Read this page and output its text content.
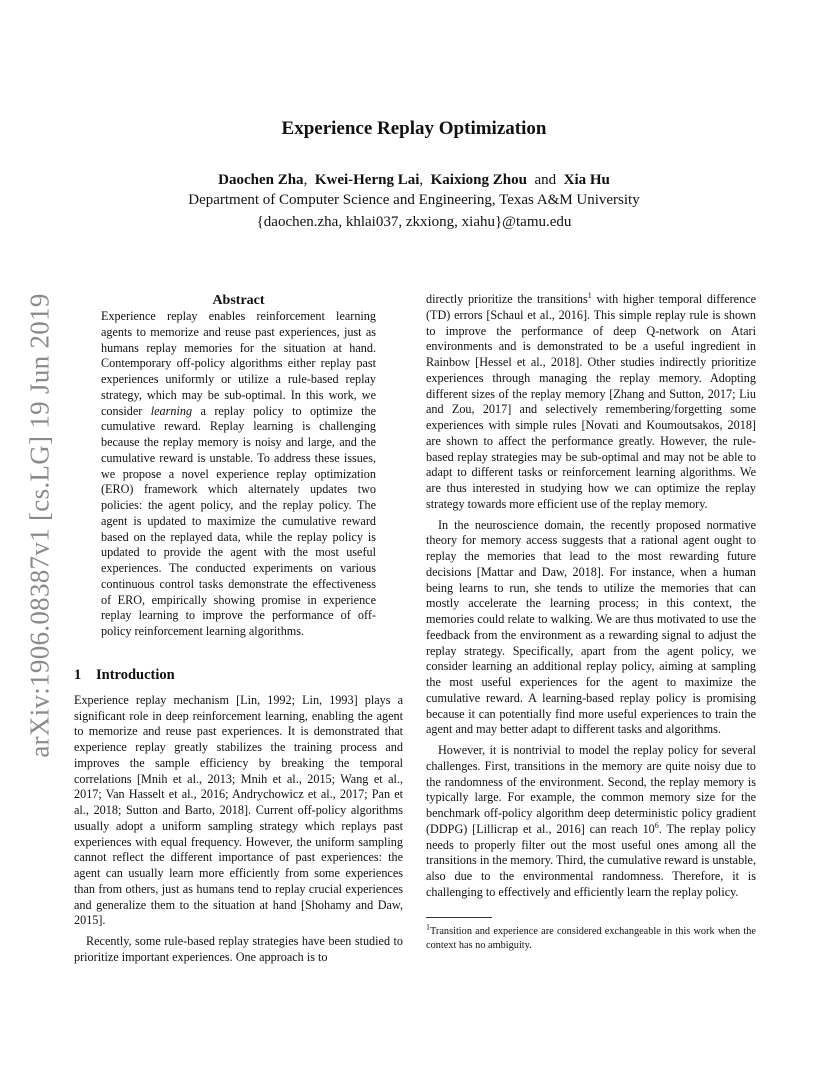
arXiv:1906.08387v1 [cs.LG] 19 Jun 2019
Experience Replay Optimization
Daochen Zha, Kwei-Herng Lai, Kaixiong Zhou and Xia Hu
Department of Computer Science and Engineering, Texas A&M University
{daochen.zha, khlai037, zkxiong, xiahu}@tamu.edu

Abstract

Experience replay enables reinforcement learning agents to memorize and reuse past experiences, just as humans replay memories for the situation at hand. Contemporary off-policy algorithms either replay past experiences uniformly or utilize a rule-based replay strategy, which may be sub-optimal. In this work, we consider learning a replay policy to optimize the cumulative reward. Replay learning is challenging because the replay memory is noisy and large, and the cumulative reward is unstable. To address these issues, we propose a novel experience replay optimization (ERO) framework which alternately updates two policies: the agent policy, and the replay policy. The agent is updated to maximize the cumulative reward based on the replayed data, while the replay policy is updated to provide the agent with the most useful experiences. The conducted experiments on various continuous control tasks demonstrate the effectiveness of ERO, empirically showing promise in experience replay learning to improve the performance of off-policy reinforcement learning algorithms.

1 Introduction

Experience replay mechanism [Lin, 1992; Lin, 1993] plays a significant role in deep reinforcement learning, enabling the agent to memorize and reuse past experiences. It is demonstrated that experience replay greatly stabilizes the training process and improves the sample efficiency by breaking the temporal correlations [Mnih et al., 2013; Mnih et al., 2015; Wang et al., 2017; Van Hasselt et al., 2016; Andrychowicz et al., 2017; Pan et al., 2018; Sutton and Barto, 2018]. Current off-policy algorithms usually adopt a uniform sampling strategy which replays past experiences with equal frequency. However, the uniform sampling cannot reflect the different importance of past experiences: the agent can usually learn more efficiently from some experiences than from others, just as humans tend to replay crucial experiences and generalize them to the situation at hand [Shohamy and Daw, 2015].

Recently, some rule-based replay strategies have been studied to prioritize important experiences. One approach is to

directly prioritize the transitions$^1$ with higher temporal difference (TD) errors [Schaul et al., 2016]. This simple replay rule is shown to improve the performance of deep Q-network on Atari environments and is demonstrated to be a useful ingredient in Rainbow [Hessel et al., 2018]. Other studies indirectly prioritize experiences through managing the replay memory. Adopting different sizes of the replay memory [Zhang and Sutton, 2017; Liu and Zou, 2017] and selectively remembering/forgetting some experiences with simple rules [Novati and Koumoutsakos, 2018] are shown to affect the performance greatly. However, the rule-based replay strategies may be sub-optimal and may not be able to adapt to different tasks or reinforcement learning algorithms. We are thus interested in studying how we can optimize the replay strategy towards more efficient use of the replay memory.

In the neuroscience domain, the recently proposed normative theory for memory access suggests that a rational agent ought to replay the memories that lead to the most rewarding future decisions [Mattar and Daw, 2018]. For instance, when a human being learns to run, she tends to utilize the memories that can mostly accelerate the learning process; in this context, the memories could relate to walking. We are thus motivated to use the feedback from the environment as a rewarding signal to adjust the replay strategy. Specifically, apart from the agent policy, we consider learning an additional replay policy, aiming at sampling the most useful experiences for the agent to maximize the cumulative reward. A learning-based replay policy is promising because it can potentially find more useful experiences to train the agent and may better adapt to different tasks and algorithms.

However, it is nontrivial to model the replay policy for several challenges. First, transitions in the memory are quite noisy due to the randomness of the environment. Second, the replay memory is typically large. For example, the common memory size for the benchmark off-policy algorithm deep deterministic policy gradient (DDPG) [Lillicrap et al., 2016] can reach $10^6$. The replay policy needs to properly filter out the most useful ones among all the transitions in the memory. Third, the cumulative reward is unstable, also due to the environmental randomness. Therefore, it is challenging to effectively and efficiently learn the replay policy.

$^1$Transition and experience are considered exchangeable in this work when the context has no ambiguity.
